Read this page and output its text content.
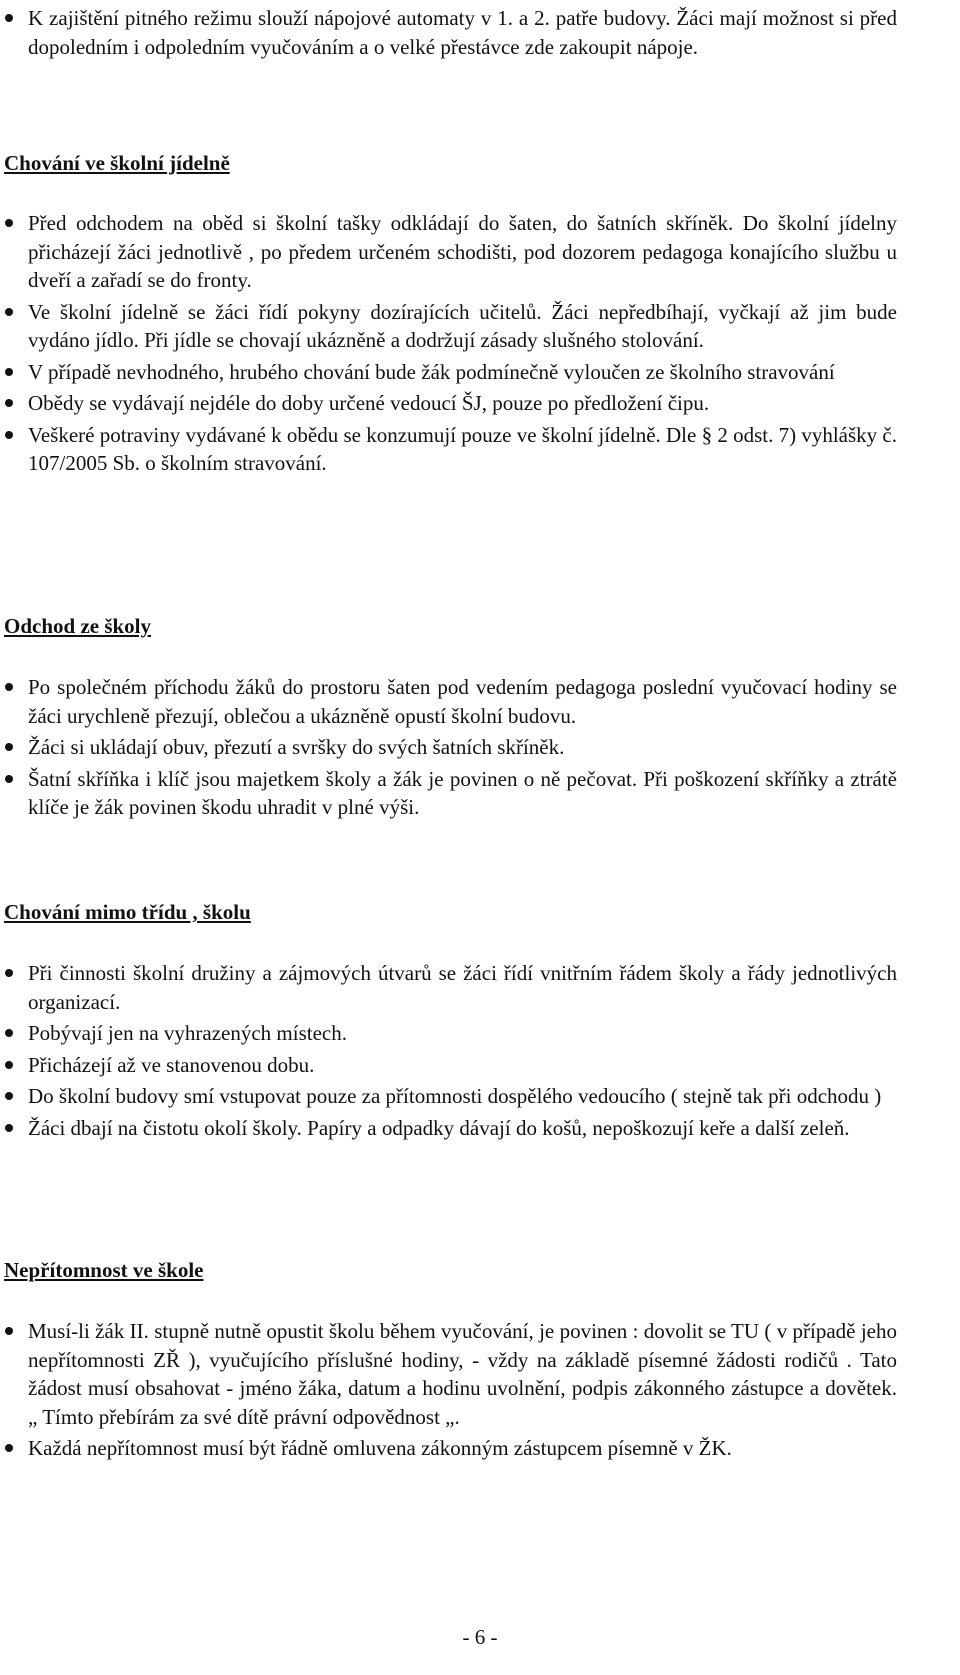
K zajištění pitného režimu slouží nápojové automaty v 1. a 2. patře budovy. Žáci mají možnost si před dopoledním i odpoledním vyučováním a o velké přestávce zde zakoupit nápoje.
Chování ve školní jídelně
Před odchodem na oběd si školní tašky odkládají do šaten, do šatních skříněk. Do školní jídelny přicházejí žáci jednotlivě , po předem určeném schodišti, pod dozorem pedagoga konajícího službu u dveří a zařadí se do fronty.
Ve školní jídelně se žáci řídí pokyny dozírajících učitelů. Žáci nepředbíhají, vyčkají až jim bude vydáno jídlo. Při jídle se chovají ukázněně a dodržují zásady slušného stolování.
V případě nevhodného, hrubého chování bude žák podmínečně vyloučen ze školního stravování
Obědy se vydávají nejdéle do doby určené vedoucí ŠJ, pouze po předložení čipu.
Veškeré potraviny vydávané k obědu se konzumují pouze ve školní jídelně. Dle § 2 odst. 7) vyhlášky č. 107/2005 Sb. o školním stravování.
Odchod ze školy
Po společném příchodu žáků do prostoru šaten pod vedením pedagoga poslední vyučovací hodiny se žáci urychleně přezují, oblečou a ukázněně opustí školní budovu.
Žáci si ukládají obuv, přezutí a svršky do svých šatních skříněk.
Šatní skříňka i klíč jsou majetkem školy a žák je povinen o ně pečovat. Při poškození skříňky a ztrátě klíče je žák povinen škodu uhradit v plné výši.
Chování mimo třídu , školu
Při činnosti školní družiny a zájmových útvarů se žáci řídí vnitřním řádem školy a řády jednotlivých organizací.
Pobývají jen na vyhrazených místech.
Přicházejí až ve stanovenou dobu.
Do školní budovy smí vstupovat pouze za přítomnosti dospělého vedoucího ( stejně tak při odchodu )
Žáci dbají na čistotu okolí školy. Papíry a odpadky dávají do košů, nepoškozují keře a další zeleň.
Nepřítomnost ve škole
Musí-li žák II. stupně nutně opustit školu během vyučování, je povinen : dovolit se TU ( v případě jeho nepřítomnosti ZŘ ), vyučujícího příslušné hodiny, - vždy na základě písemné žádosti rodičů . Tato žádost musí obsahovat - jméno žáka, datum a hodinu uvolnění, podpis zákonného zástupce a dovětek. „ Tímto přebírám za své dítě právní odpovědnost „.
Každá nepřítomnost musí být řádně omluvena zákonným zástupcem písemně v ŽK.
- 6 -
